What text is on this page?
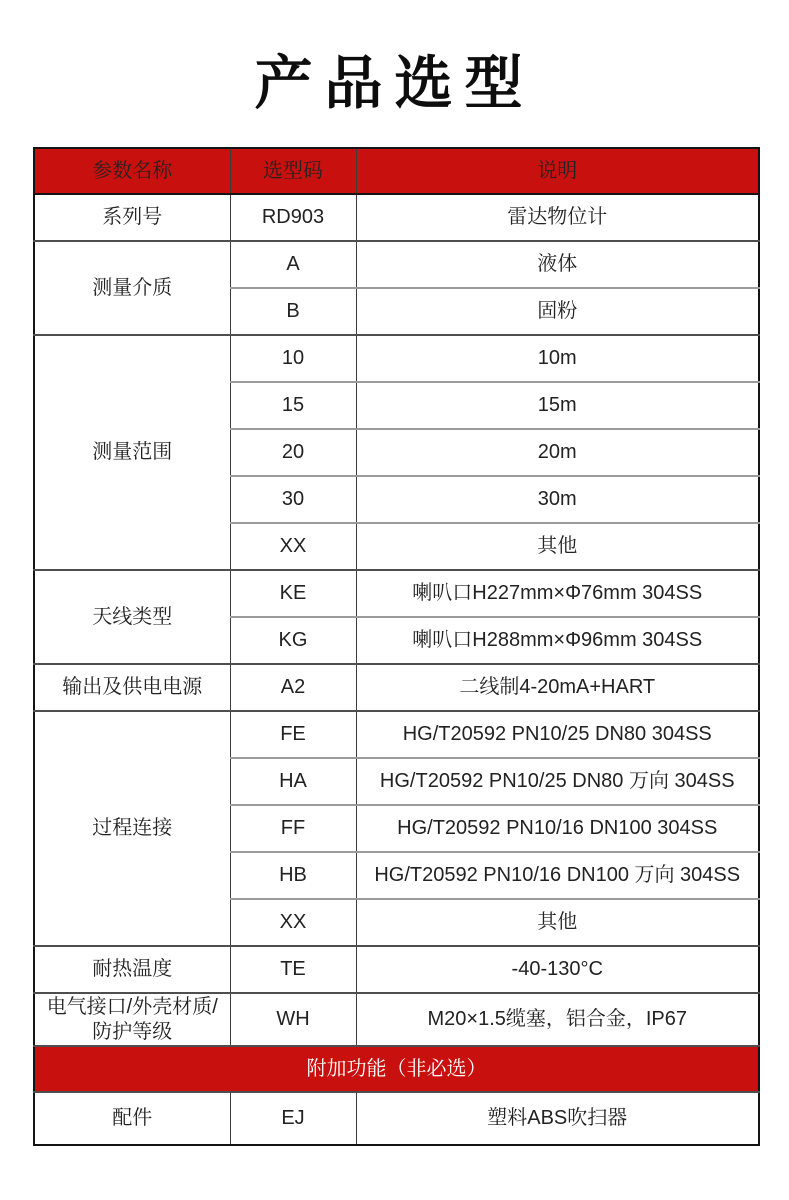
产品选型
参数名称	选型码	说明
系列号	RD903	雷达物位计
测量介质	A	液体
	B	固粉
测量范围	10	10m
	15	15m
	20	20m
	30	30m
	XX	其他
天线类型	KE	喇叭口H227mm×Φ76mm 304SS
	KG	喇叭口H288mm×Φ96mm 304SS
输出及供电电源	A2	二线制4-20mA+HART
过程连接	FE	HG/T20592 PN10/25 DN80 304SS
	HA	HG/T20592 PN10/25 DN80 万向 304SS
	FF	HG/T20592 PN10/16 DN100 304SS
	HB	HG/T20592 PN10/16 DN100 万向 304SS
	XX	其他
耐热温度	TE	-40-130°C
电气接口/外壳材质/防护等级	WH	M20×1.5缆塞，铝合金，IP67
附加功能（非必选）		
配件	EJ	塑料ABS吹扫器
